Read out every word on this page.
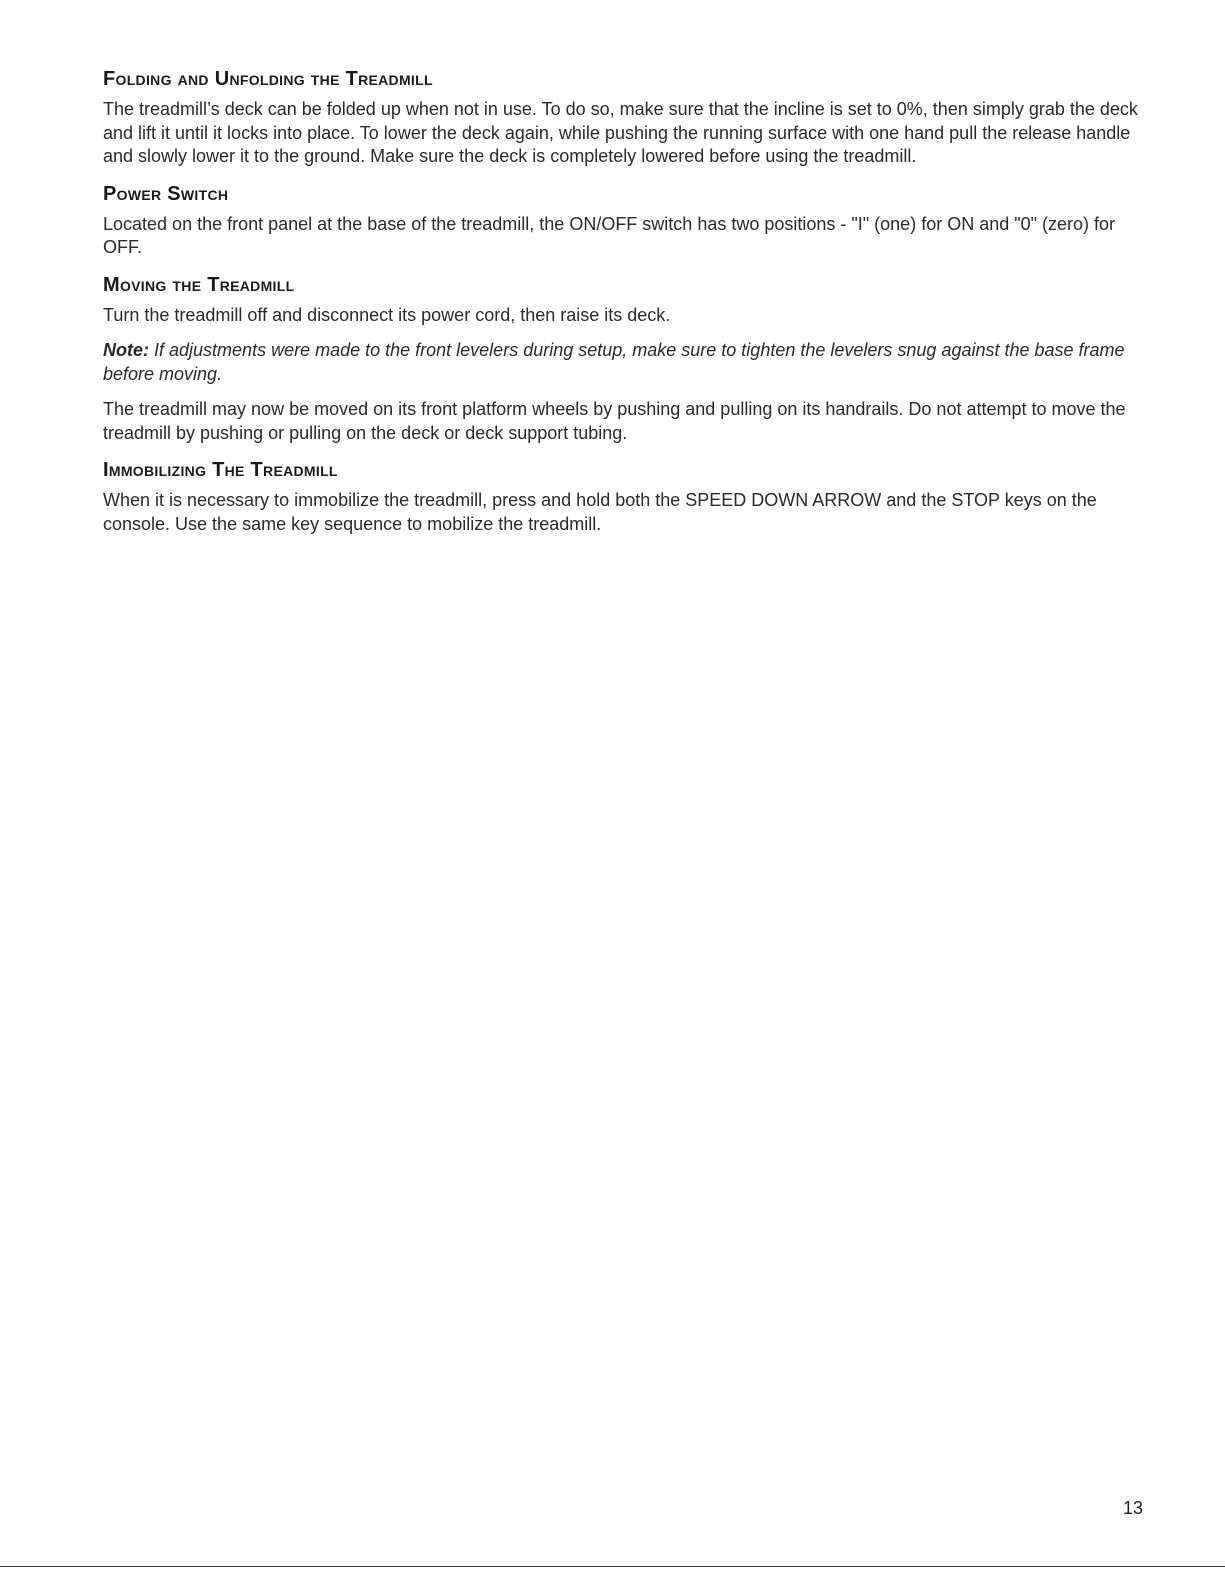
Folding and Unfolding the Treadmill

The treadmill’s deck can be folded up when not in use. To do so, make sure that the incline is set to 0%, then simply grab the deck and lift it until it locks into place. To lower the deck again, while pushing the running surface with one hand pull the release handle and slowly lower it to the ground. Make sure the deck is completely lowered before using the treadmill.

Power Switch

Located on the front panel at the base of the treadmill, the ON/OFF switch has two positions - "I" (one) for ON and "0" (zero) for OFF.

Moving the Treadmill

Turn the treadmill off and disconnect its power cord, then raise its deck.

Note: If adjustments were made to the front levelers during setup, make sure to tighten the levelers snug against the base frame before moving.

The treadmill may now be moved on its front platform wheels by pushing and pulling on its handrails. Do not attempt to move the treadmill by pushing or pulling on the deck or deck support tubing.

Immobilizing The Treadmill

When it is necessary to immobilize the treadmill, press and hold both the SPEED DOWN ARROW and the STOP keys on the console. Use the same key sequence to mobilize the treadmill.

13
